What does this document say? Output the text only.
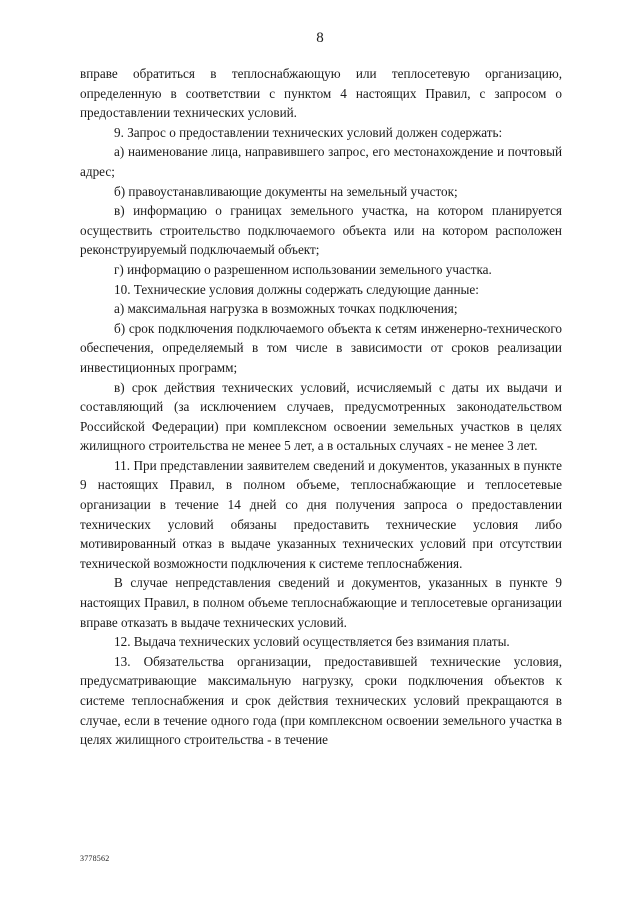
8

вправе обратиться в теплоснабжающую или теплосетевую организацию, определенную в соответствии с пунктом 4 настоящих Правил, с запросом о предоставлении технических условий.

9. Запрос о предоставлении технических условий должен содержать:

а) наименование лица, направившего запрос, его местонахождение и почтовый адрес;

б) правоустанавливающие документы на земельный участок;

в) информацию о границах земельного участка, на котором планируется осуществить строительство подключаемого объекта или на котором расположен реконструируемый подключаемый объект;

г) информацию о разрешенном использовании земельного участка.

10. Технические условия должны содержать следующие данные:

а) максимальная нагрузка в возможных точках подключения;

б) срок подключения подключаемого объекта к сетям инженерно-технического обеспечения, определяемый в том числе в зависимости от сроков реализации инвестиционных программ;

в) срок действия технических условий, исчисляемый с даты их выдачи и составляющий (за исключением случаев, предусмотренных законодательством Российской Федерации) при комплексном освоении земельных участков в целях жилищного строительства не менее 5 лет, а в остальных случаях - не менее 3 лет.

11. При представлении заявителем сведений и документов, указанных в пункте 9 настоящих Правил, в полном объеме, теплоснабжающие и теплосетевые организации в течение 14 дней со дня получения запроса о предоставлении технических условий обязаны предоставить технические условия либо мотивированный отказ в выдаче указанных технических условий при отсутствии технической возможности подключения к системе теплоснабжения.

В случае непредставления сведений и документов, указанных в пункте 9 настоящих Правил, в полном объеме теплоснабжающие и теплосетевые организации вправе отказать в выдаче технических условий.

12. Выдача технических условий осуществляется без взимания платы.

13. Обязательства организации, предоставившей технические условия, предусматривающие максимальную нагрузку, сроки подключения объектов к системе теплоснабжения и срок действия технических условий прекращаются в случае, если в течение одного года (при комплексном освоении земельного участка в целях жилищного строительства - в течение

3778562
